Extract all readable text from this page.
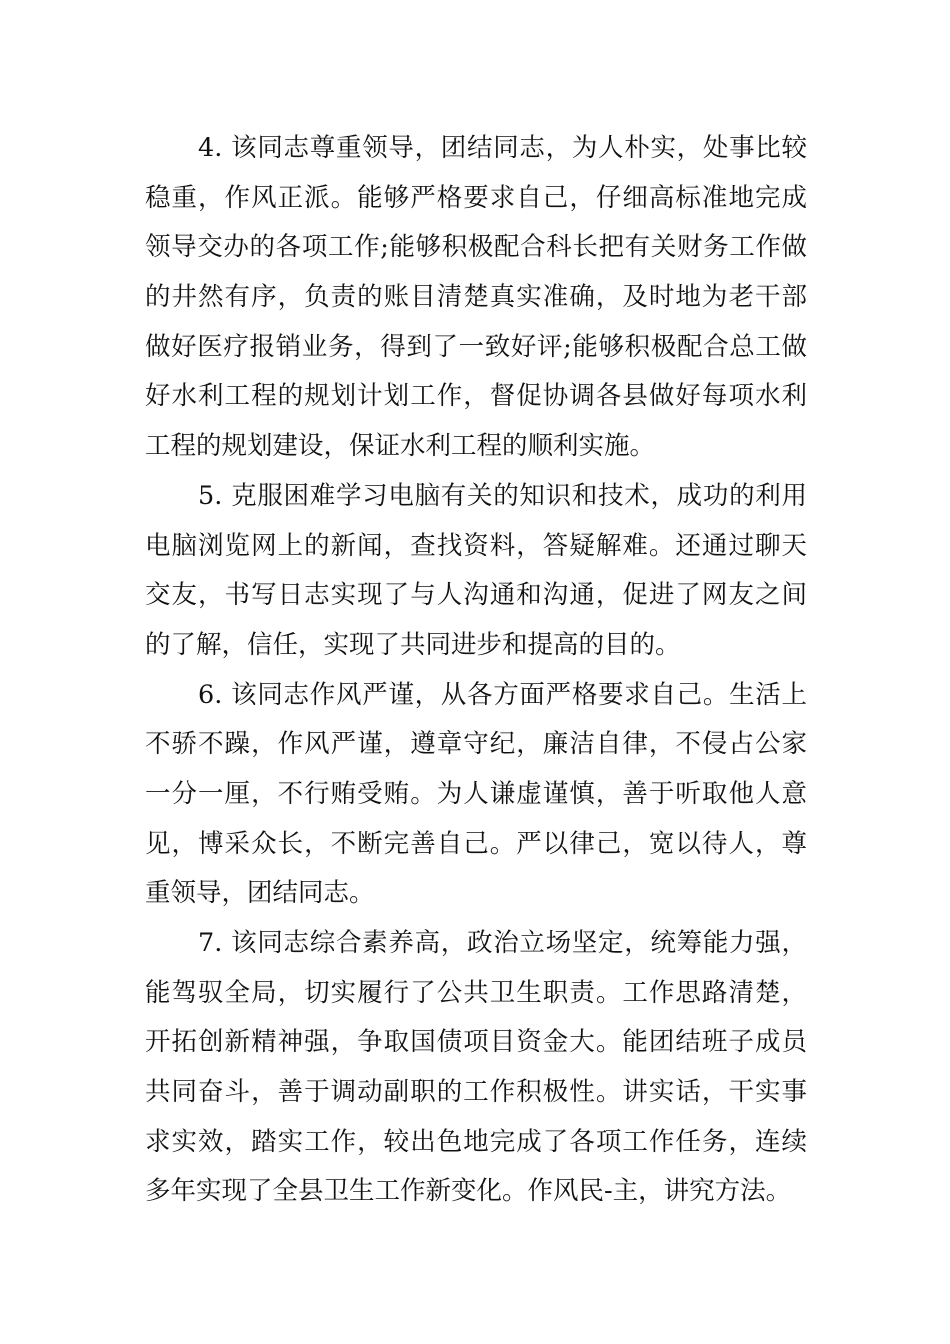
4. 该同志尊重领导，团结同志，为人朴实，处事比较
稳重，作风正派。能够严格要求自己，仔细高标准地完成
领导交办的各项工作;能够积极配合科长把有关财务工作做
的井然有序，负责的账目清楚真实准确，及时地为老干部
做好医疗报销业务，得到了一致好评;能够积极配合总工做
好水利工程的规划计划工作，督促协调各县做好每项水利
工程的规划建设，保证水利工程的顺利实施。
5. 克服困难学习电脑有关的知识和技术，成功的利用
电脑浏览网上的新闻，查找资料，答疑解难。还通过聊天
交友，书写日志实现了与人沟通和沟通，促进了网友之间
的了解，信任，实现了共同进步和提高的目的。
6. 该同志作风严谨，从各方面严格要求自己。生活上
不骄不躁，作风严谨，遵章守纪，廉洁自律，不侵占公家
一分一厘，不行贿受贿。为人谦虚谨慎，善于听取他人意
见，博采众长，不断完善自己。严以律己，宽以待人，尊
重领导，团结同志。
7. 该同志综合素养高，政治立场坚定，统筹能力强，
能驾驭全局，切实履行了公共卫生职责。工作思路清楚，
开拓创新精神强，争取国债项目资金大。能团结班子成员
共同奋斗，善于调动副职的工作积极性。讲实话，干实事
求实效，踏实工作，较出色地完成了各项工作任务，连续
多年实现了全县卫生工作新变化。作风民-主，讲究方法。
